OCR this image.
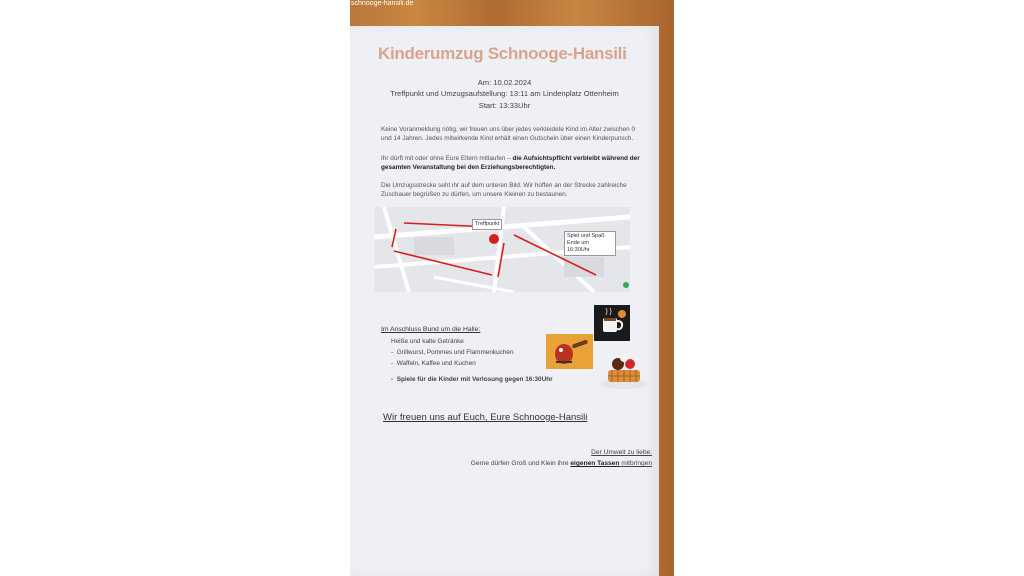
schnooge-hansili.de
Kinderumzug Schnooge-Hansili
Am: 10.02.2024
Treffpunkt und Umzugsaufstellung: 13:11 am Lindenplatz Ottenheim
Start: 13:33Uhr
Keine Voranmeldung nötig, wir freuen uns über jedes verkleidete Kind im Alter zwischen 0 und 14 Jahren. Jedes mitwirkende Kind erhält einen Gutschein über einen Kinderpunsch.
Ihr dürft mit oder ohne Eure Eltern mitlaufen – die Aufsichtspflicht verbleibt während der gesamten Veranstaltung bei den Erziehungsberechtigten.
Die Umzugsstrecke seht ihr auf dem unteren Bild. Wir hoffen an der Strecke zahlreiche Zuschauer begrüßen zu dürfen, um unsere Kleinen zu bestaunen.
Treffpunkt
Spiel und Spaß Ende um 16:30Uhr
Im Anschluss Bund um die Halle:
Heiße und kalte Getränke
-  Grillwurst, Pommes und Flammenkuchen
-  Waffeln, Kaffee und Kuchen
-  Spiele für die Kinder mit Verlosung gegen 16:30Uhr
Wir freuen uns auf Euch, Eure Schnooge-Hansili
Der Umwelt zu liebe:
Gerne dürfen Groß und Klein ihre eigenen Tassen mitbringen
